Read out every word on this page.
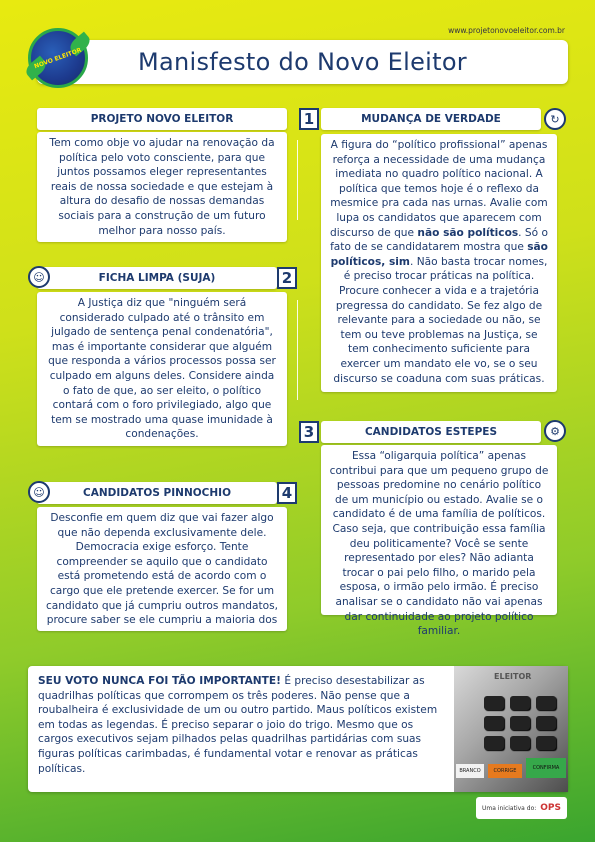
www.projetonovoeleitor.com.br
NOVO ELEITOR Manisfesto do Novo Eleitor
PROJETO NOVO ELEITOR
Tem como obje vo ajudar na renovação da política pelo voto consciente, para que juntos possamos eleger representantes reais de nossa sociedade e que estejam à altura do desafio de nossas demandas sociais para a construção de um futuro melhor para nosso país.
1	MUDANÇA DE VERDADE	↻
A figura do “político profissional” apenas reforça a necessidade de uma mudança imediata no quadro político nacional. A política que temos hoje é o reflexo da mesmice pra cada nas urnas. Avalie com lupa os candidatos que aparecem com discurso de que não são políticos. Só o fato de se candidatarem mostra que são políticos, sim. Não basta trocar nomes, é preciso trocar práticas na política. Procure conhecer a vida e a trajetória pregressa do candidato. Se fez algo de relevante para a sociedade ou não, se tem ou teve problemas na Justiça, se tem conhecimento suficiente para exercer um mandato ele vo, se o seu discurso se coaduna com suas práticas.
☺	FICHA LIMPA (SUJA)	2
A Justiça diz que "ninguém será considerado culpado até o trânsito em julgado de sentença penal condenatória", mas é importante considerar que alguém que responda a vários processos possa ser culpado em alguns deles. Considere ainda o fato de que, ao ser eleito, o político contará com o foro privilegiado, algo que tem se mostrado uma quase imunidade à condenações.	3	CANDIDATOS ESTEPES	⚙
Essa “oligarquia política” apenas contribui para que um pequeno grupo de pessoas predomine no cenário político de um município ou estado. Avalie se o candidato é de uma família de políticos. Caso seja, que contribuição essa família deu politicamente? Você se sente representado por eles? Não adianta trocar o pai pelo filho, o marido pela esposa, o irmão pelo irmão. É preciso analisar se o candidato não vai apenas dar continuidade ao projeto político familiar.
☺	CANDIDATOS PINNOCHIO	4
Desconfie em quem diz que vai fazer algo que não dependa exclusivamente dele. Democracia exige esforço. Tente compreender se aquilo que o candidato está prometendo está de acordo com o cargo que ele pretende exercer. Se for um candidato que já cumpriu outros mandatos, procure saber se ele cumpriu a maioria dos
SEU VOTO NUNCA FOI TÃO IMPORTANTE! É preciso desestabilizar as quadrilhas políticas que corrompem os três poderes. Não pense que a roubalheira é exclusividade de um ou outro partido. Maus políticos existem em todas as legendas. É preciso separar o joio do trigo. Mesmo que os cargos executivos sejam pilhados pelas quadrilhas partidárias com suas figuras políticas carimbadas, é fundamental votar e renovar as práticas políticas.
ELEITOR
BRANCO	CORRIGE	CONFIRMA
Uma iniciativa do: OPS
